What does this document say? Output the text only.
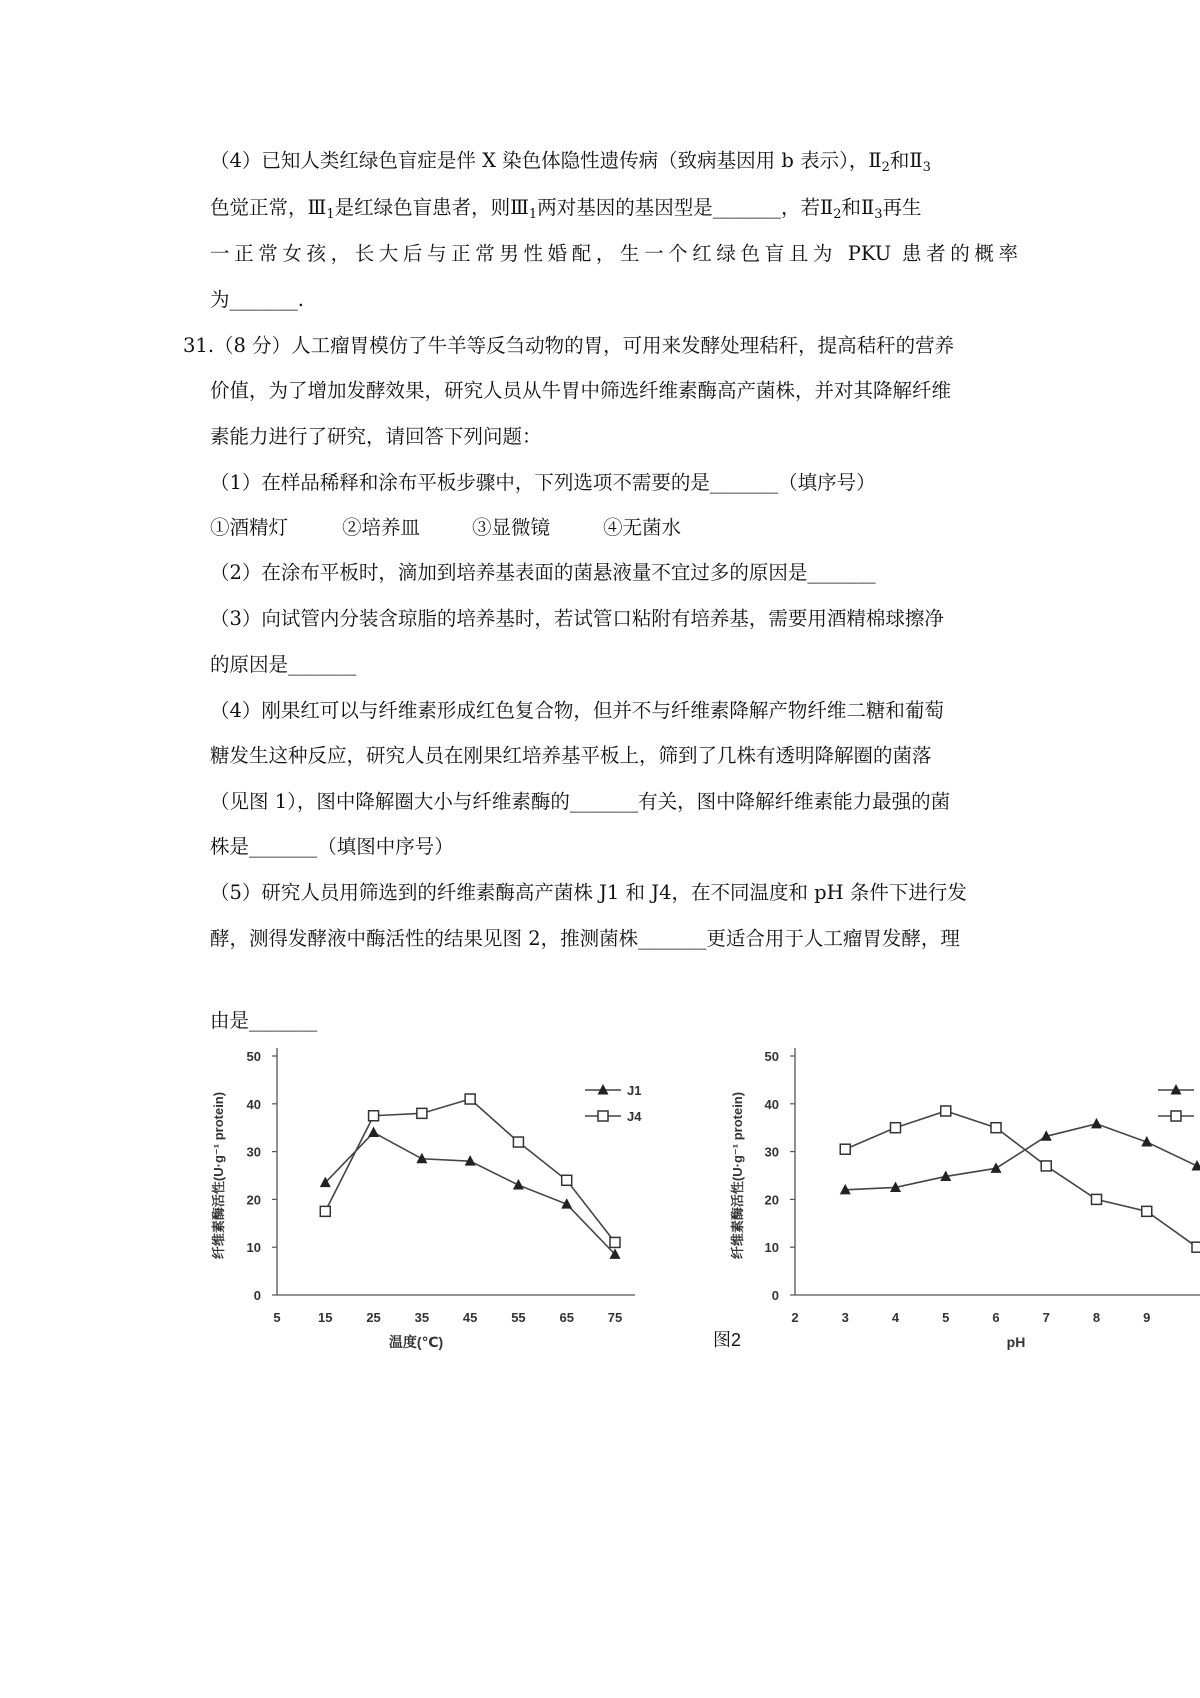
（4）已知人类红绿色盲症是伴 X 染色体隐性遗传病（致病基因用 b 表示），$Ⅱ_2$和$Ⅱ_3$
色觉正常，$Ⅲ_1$是红绿色盲患者，则$Ⅲ_1$两对基因的基因型是_______，若$Ⅱ_2$和$Ⅱ_3$再生
一正常女孩，长大后与正常男性婚配，生一个红绿色盲且为 PKU 患者的概率
为_______.
31.（8 分）人工瘤胃模仿了牛羊等反刍动物的胃，可用来发酵处理秸秆，提高秸秆的营养
价值，为了增加发酵效果，研究人员从牛胃中筛选纤维素酶高产菌株，并对其降解纤维
素能力进行了研究，请回答下列问题：
（1）在样品稀释和涂布平板步骤中，下列选项不需要的是_______（填序号）
①酒精灯	②培养皿	③显微镜	④无菌水
（2）在涂布平板时，滴加到培养基表面的菌悬液量不宜过多的原因是_______
（3）向试管内分装含琼脂的培养基时，若试管口粘附有培养基，需要用酒精棉球擦净
的原因是_______
（4）刚果红可以与纤维素形成红色复合物，但并不与纤维素降解产物纤维二糖和葡萄
糖发生这种反应，研究人员在刚果红培养基平板上，筛到了几株有透明降解圈的菌落
（见图 1），图中降解圈大小与纤维素酶的_______有关，图中降解纤维素能力最强的菌
株是_______（填图中序号）
（5）研究人员用筛选到的纤维素酶高产菌株 J1 和 J4，在不同温度和 pH 条件下进行发
酵，测得发酵液中酶活性的结果见图 2，推测菌株_______更适合用于人工瘤胃发酵，理
由是_______
0
10
20
30
40
50
5	15	25	35	45	55	65	75
温度(℃)
纤维素酶活性(U·g⁻¹ protein)
J1
J4
图2
0
10
20
30
40
50
2	3	4	5	6	7	8	9
pH
纤维素酶活性(U·g⁻¹ protein)
